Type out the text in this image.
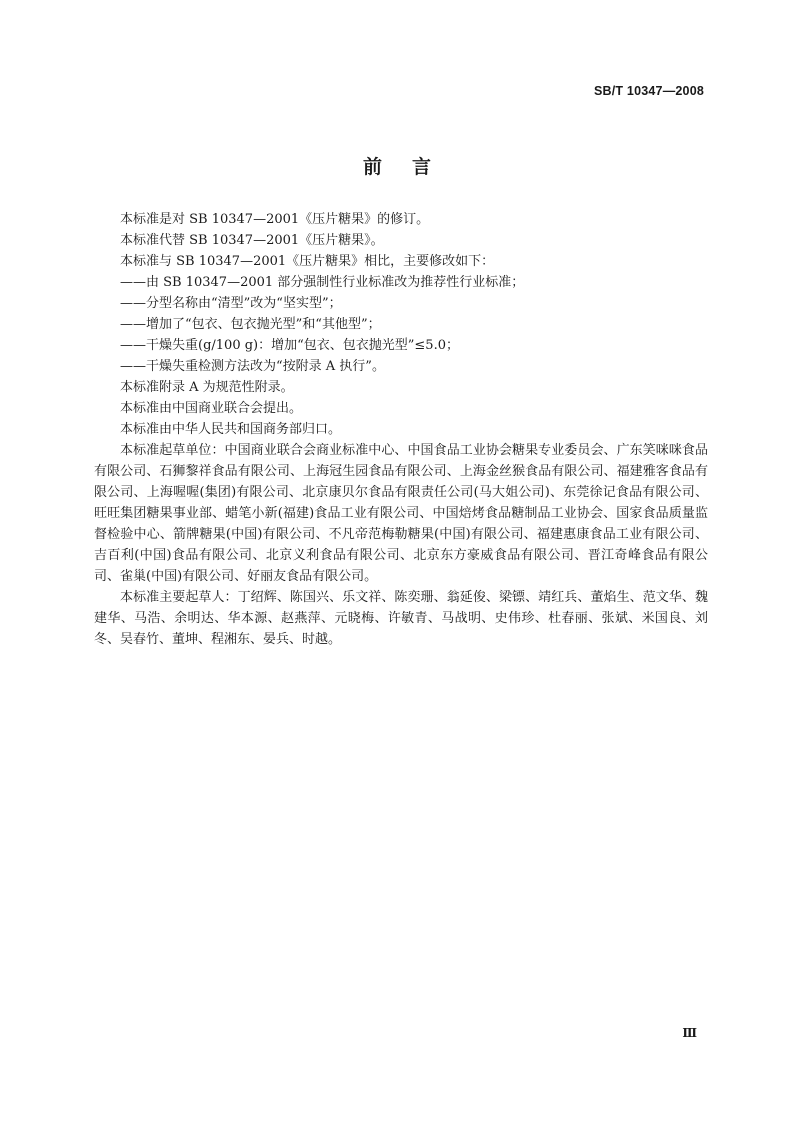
SB/T 10347—2008
前言

本标准是对 SB 10347—2001《压片糖果》的修订。

本标准代替 SB 10347—2001《压片糖果》。

本标准与 SB 10347—2001《压片糖果》相比，主要修改如下：

——由 SB 10347—2001 部分强制性行业标准改为推荐性行业标准；

——分型名称由“清型”改为“坚实型”；

——增加了“包衣、包衣抛光型”和“其他型”；

——干燥失重(g/100 g)：增加“包衣、包衣抛光型”≤5.0；

——干燥失重检测方法改为“按附录 A 执行”。

本标准附录 A 为规范性附录。

本标准由中国商业联合会提出。

本标准由中华人民共和国商务部归口。

本标准起草单位：中国商业联合会商业标准中心、中国食品工业协会糖果专业委员会、广东笑咪咪食品有限公司、石狮黎祥食品有限公司、上海冠生园食品有限公司、上海金丝猴食品有限公司、福建雅客食品有限公司、上海喔喔(集团)有限公司、北京康贝尔食品有限责任公司(马大姐公司)、东莞徐记食品有限公司、旺旺集团糖果事业部、蜡笔小新(福建)食品工业有限公司、中国焙烤食品糖制品工业协会、国家食品质量监督检验中心、箭牌糖果(中国)有限公司、不凡帝范梅勒糖果(中国)有限公司、福建惠康食品工业有限公司、吉百利(中国)食品有限公司、北京义利食品有限公司、北京东方豪威食品有限公司、晋江奇峰食品有限公司、雀巢(中国)有限公司、好丽友食品有限公司。

本标准主要起草人：丁绍辉、陈国兴、乐文祥、陈奕珊、翁延俊、梁镖、靖红兵、董焰生、范文华、魏建华、马浩、余明达、华本源、赵燕萍、元晓梅、许敏青、马战明、史伟珍、杜春丽、张斌、米国良、刘冬、吴春竹、董坤、程湘东、晏兵、时越。

Ⅲ
